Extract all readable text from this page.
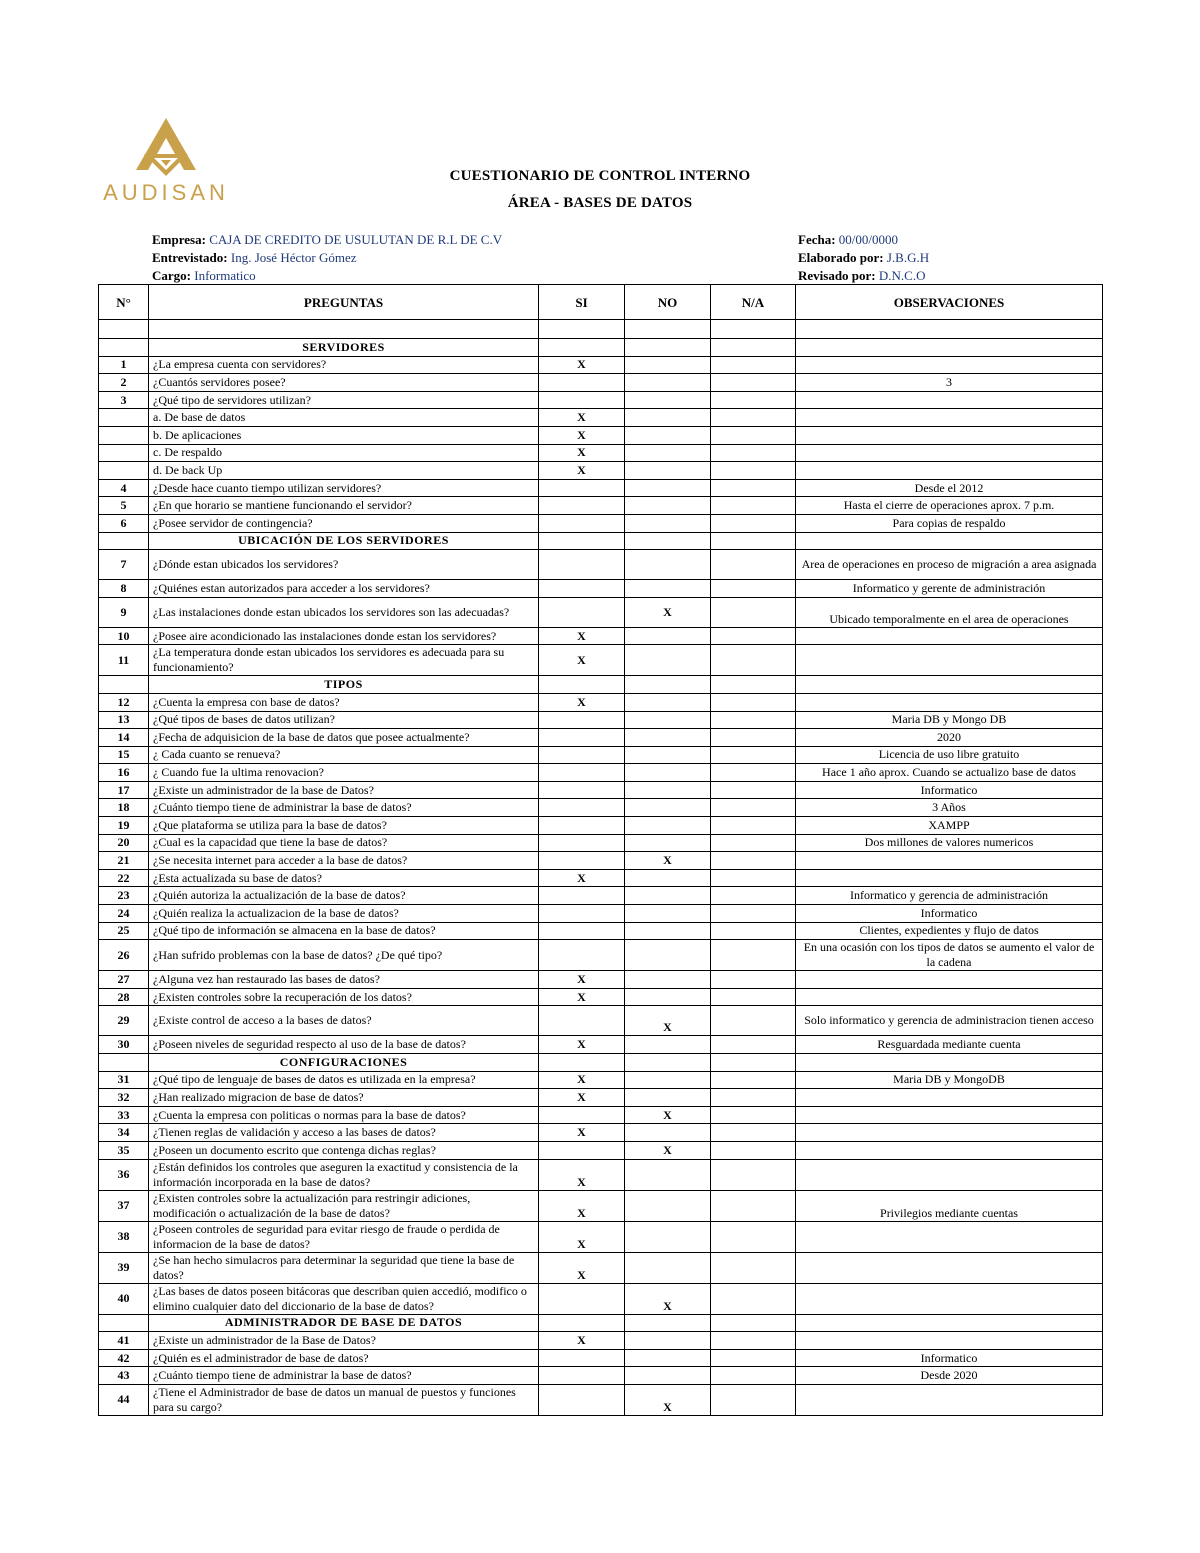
AUDISAN
CUESTIONARIO DE CONTROL INTERNO
ÁREA - BASES DE DATOS
Empresa: CAJA DE CREDITO DE USULUTAN DE R.L DE C.V
Entrevistado: Ing. José Héctor Gómez
Cargo: Informatico
Fecha: 00/00/0000
Elaborado por: J.B.G.H
Revisado por: D.N.C.O
N°	PREGUNTAS	SI	NO	N/A	OBSERVACIONES

	SERVIDORES				
1	¿La empresa cuenta con servidores?	X			
2	¿Cuantós servidores posee?				3
3	¿Qué tipo de servidores utilizan?				
	a. De base de datos	X			
	b. De aplicaciones	X			
	c. De respaldo	X			
	d. De back Up	X			
4	¿Desde hace cuanto tiempo utilizan servidores?				Desde el 2012
5	¿En que horario se mantiene funcionando el servidor?				Hasta el cierre de operaciones aprox. 7 p.m.
6	¿Posee servidor de contingencia?				Para copias de respaldo
	UBICACIÓN DE LOS SERVIDORES				
7	¿Dónde estan ubicados los servidores?				Area de operaciones en proceso de migración a area asignada
8	¿Quiénes estan autorizados para acceder a los servidores?				Informatico y gerente de administración
9	¿Las instalaciones donde estan ubicados los servidores son las adecuadas?		X		Ubicado temporalmente en el area de operaciones
10	¿Posee aire acondicionado las instalaciones donde estan los servidores?	X			
11	¿La temperatura donde estan ubicados los servidores es adecuada para su funcionamiento?	X			
	TIPOS				
12	¿Cuenta la empresa con base de datos?	X			
13	¿Qué tipos de bases de datos utilizan?				Maria DB y Mongo DB
14	¿Fecha de adquisicion de la base de datos que posee actualmente?				2020
15	¿ Cada cuanto se renueva?				Licencia de uso libre gratuito
16	¿ Cuando fue la ultima renovacion?				Hace 1 año aprox. Cuando se actualizo base de datos
17	¿Existe un administrador de la base de Datos?				Informatico
18	¿Cuánto tiempo tiene de administrar la base de datos?				3 Años
19	¿Que plataforma se utiliza para la base de datos?				XAMPP
20	¿Cual es la capacidad que tiene la base de datos?				Dos millones de valores numericos
21	¿Se necesita internet para acceder a la base de datos?		X		
22	¿Esta actualizada su base de datos?	X			
23	¿Quién autoriza la actualización de la base de datos?				Informatico y gerencia de administración
24	¿Quién realiza la actualizacion de la base de datos?				Informatico
25	¿Qué tipo de información se almacena en la base de datos?				Clientes, expedientes y flujo de datos
26	¿Han sufrido problemas con la base de datos? ¿De qué tipo?				En una ocasión con los tipos de datos se aumento el valor de la cadena
27	¿Alguna vez han restaurado las bases de datos?	X			
28	¿Existen controles sobre la recuperación de los datos?	X			
29	¿Existe control de acceso a la bases de datos?		X		Solo informatico y gerencia de administracion tienen acceso
30	¿Poseen niveles de seguridad respecto al uso de la base de datos?	X			Resguardada mediante cuenta
	CONFIGURACIONES				
31	¿Qué tipo de lenguaje de bases de datos es utilizada en la empresa?	X			Maria DB y MongoDB
32	¿Han realizado migracion de base de datos?	X			
33	¿Cuenta la empresa con politicas o normas para la base de datos?		X		
34	¿Tienen reglas de validación y acceso a las bases de datos?	X			
35	¿Poseen un documento escrito que contenga dichas reglas?		X		
36	¿Están definidos los controles que aseguren la exactitud y consistencia de la información incorporada en la base de datos?	X			
37	¿Existen controles sobre la actualización para restringir adiciones, modificación o actualización de la base de datos?	X			Privilegios mediante cuentas
38	¿Poseen controles de seguridad para evitar riesgo de fraude o perdida de informacion de la base de datos?	X			
39	¿Se han hecho simulacros para determinar la seguridad que tiene la base de datos?	X			
40	¿Las bases de datos poseen bitácoras que describan quien accedió, modifico o elimino cualquier dato del diccionario de la base de datos?		X		
	ADMINISTRADOR DE BASE DE DATOS				
41	¿Existe un administrador de la Base de Datos?	X			
42	¿Quién es el administrador de base de datos?				Informatico
43	¿Cuánto tiempo tiene de administrar la base de datos?				Desde 2020
44	¿Tiene el Administrador de base de datos un manual de puestos y funciones para su cargo?		X		
